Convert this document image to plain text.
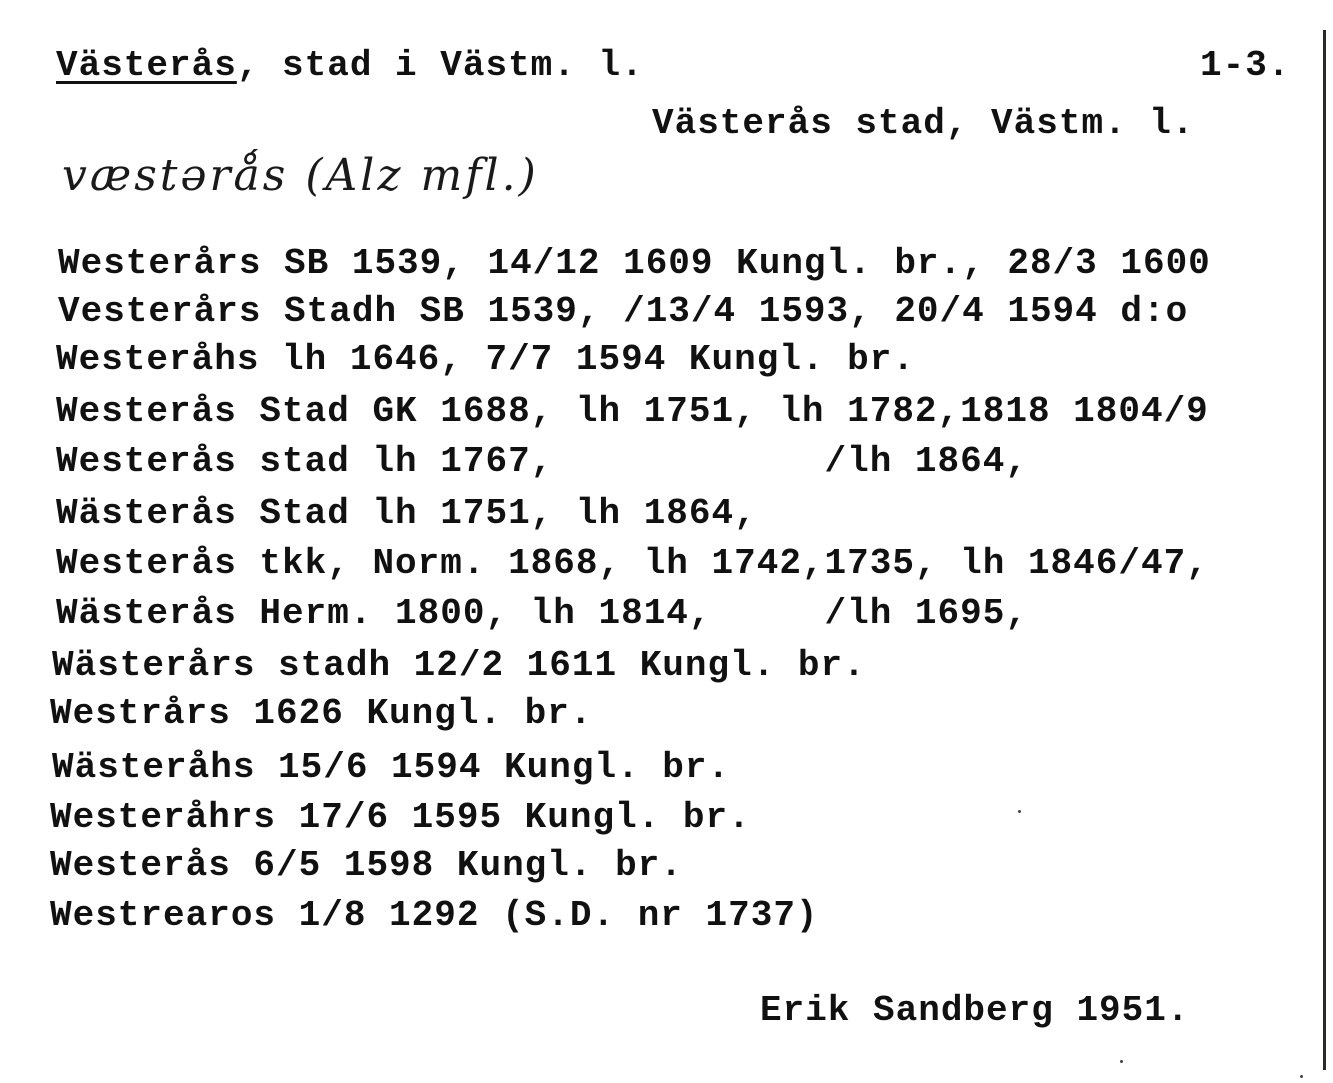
Västerås, stad i Västm. l.	1-3.
Västerås stad, Västm. l.
væstərǻs (Alz mfl.)
Westerårs SB 1539, 14/12 1609 Kungl. br., 28/3 1600
Vesterårs Stadh SB 1539, /13/4 1593, 20/4 1594 d:o
Westeråhs lh 1646, 7/7 1594 Kungl. br.
Westerås Stad GK 1688, lh 1751, lh 1782,1818 1804/9
Westerås stad lh 1767,            /lh 1864,
Wästerås Stad lh 1751, lh 1864,
Westerås tkk, Norm. 1868, lh 1742,1735, lh 1846/47,
Wästerås Herm. 1800, lh 1814,     /lh 1695,
Wästerårs stadh 12/2 1611 Kungl. br.
Westrårs 1626 Kungl. br.
Wästeråhs 15/6 1594 Kungl. br.
Westeråhrs 17/6 1595 Kungl. br.
Westerås 6/5 1598 Kungl. br.
Westrearos 1/8 1292 (S.D. nr 1737)
Erik Sandberg 1951.
